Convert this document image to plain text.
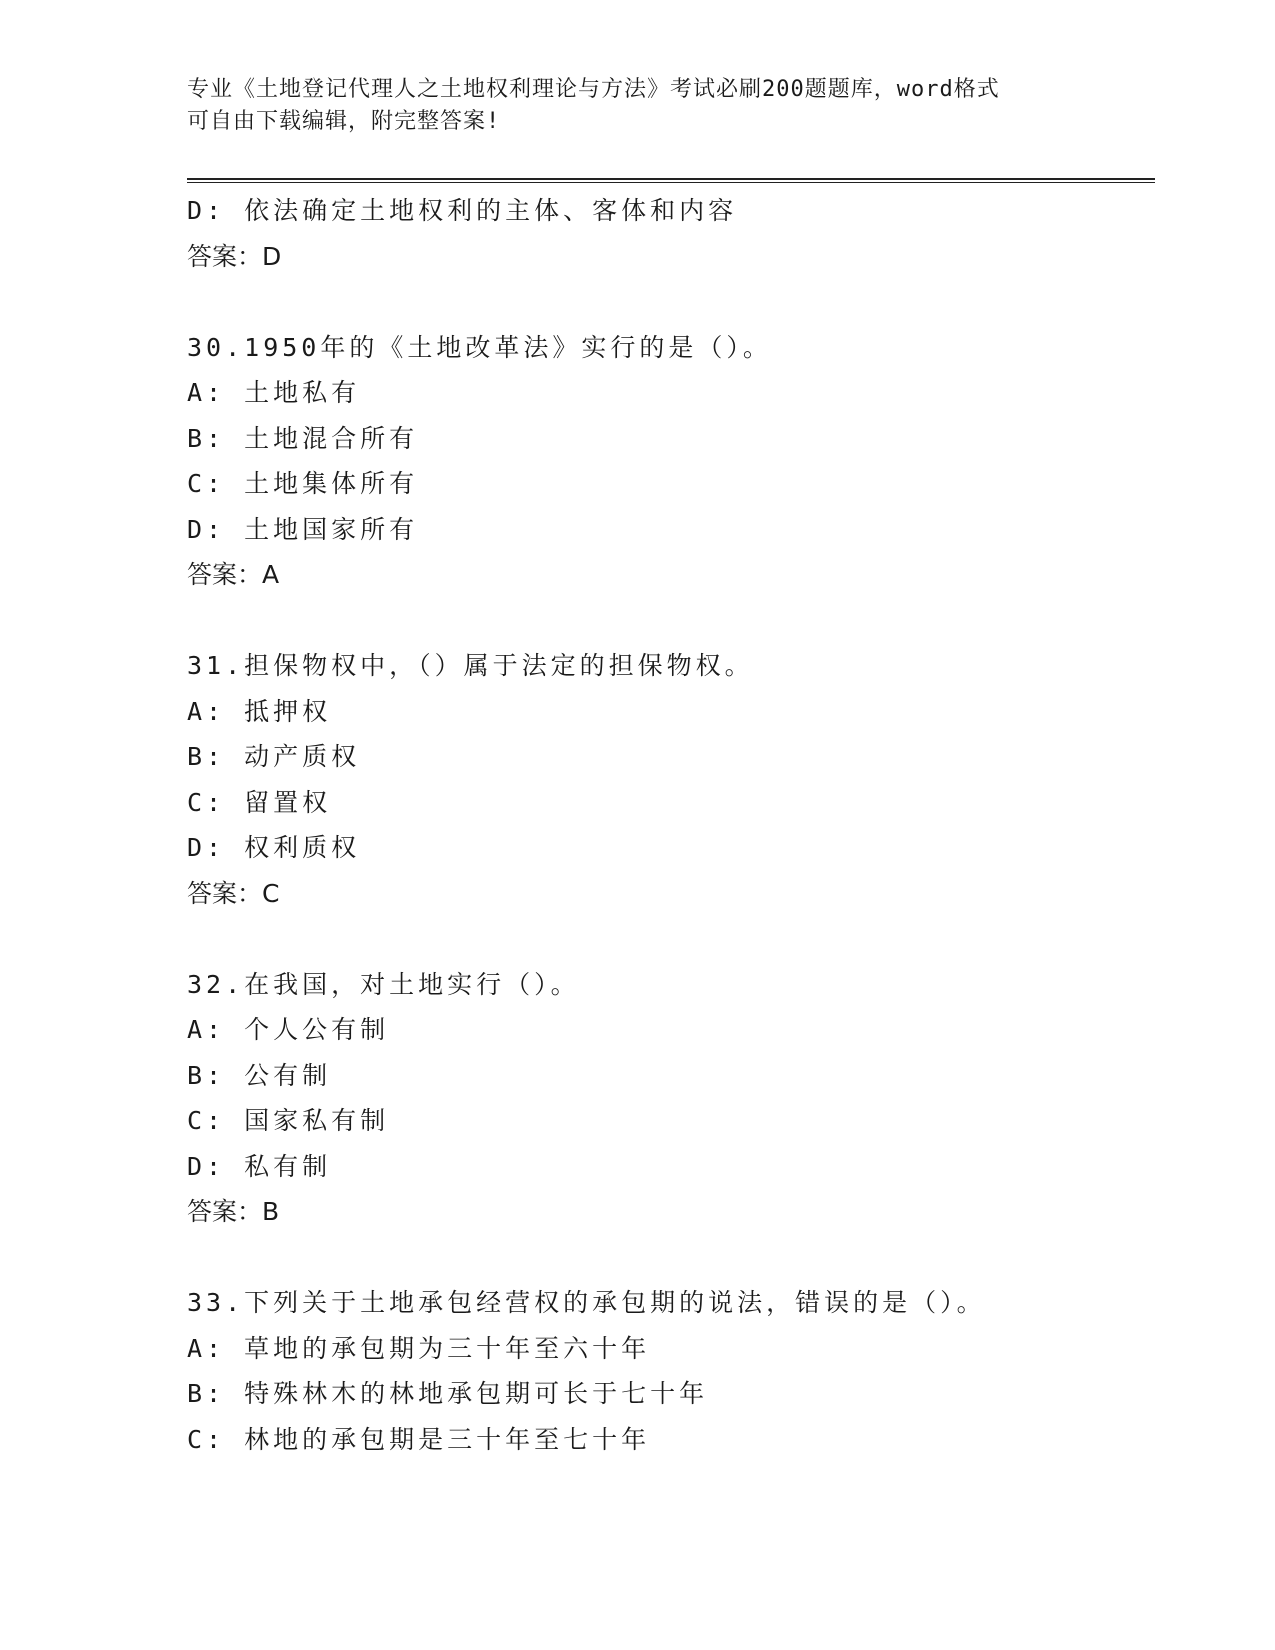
专业《土地登记代理人之土地权利理论与方法》考试必刷200题题库，word格式
可自由下载编辑，附完整答案!
D: 依法确定土地权利的主体、客体和内容
答案：D
30.1950年的《土地改革法》实行的是（）。
A: 土地私有
B: 土地混合所有
C: 土地集体所有
D: 土地国家所有
答案：A
31.担保物权中，（）属于法定的担保物权。
A: 抵押权
B: 动产质权
C: 留置权
D: 权利质权
答案：C
32.在我国，对土地实行（）。
A: 个人公有制
B: 公有制
C: 国家私有制
D: 私有制
答案：B
33.下列关于土地承包经营权的承包期的说法，错误的是（）。
A: 草地的承包期为三十年至六十年
B: 特殊林木的林地承包期可长于七十年
C: 林地的承包期是三十年至七十年
